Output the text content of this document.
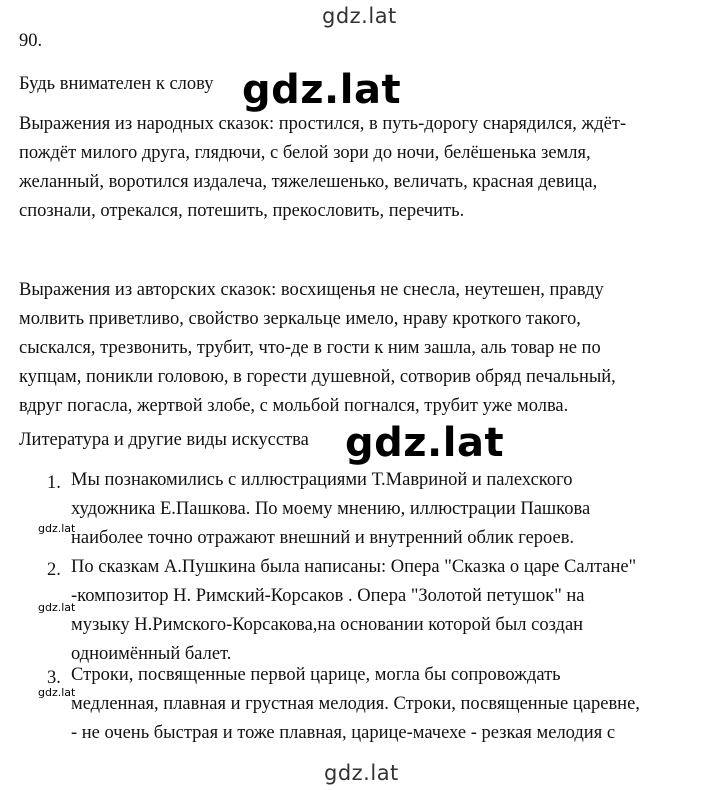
gdz.lat
90.
Будь внимателен к слову gdz.lat
Выражения из народных сказок: простился, в путь-дорогу снарядился, ждёт-
пождёт милого друга, глядючи, с белой зори до ночи, белёшенька земля,
желанный, воротился издалеча, тяжелешенько, величать, красная девица,
спознали, отрекался, потешить, прекословить, перечить.
Выражения из авторских сказок: восхищенья не снесла, неутешен, правду
молвить приветливо, свойство зеркальце имело, нраву кроткого такого,
сыскался, трезвонить, трубит, что-де в гости к ним зашла, аль товар не по
купцам, поникли головою, в горести душевной, сотворив обряд печальный,
вдруг погасла, жертвой злобе, с мольбой погнался, трубит уже молва.
Литература и другие виды искусства gdz.lat
1. Мы познакомились с иллюстрациями Т.Мавриной и палехского
художника Е.Пашкова. По моему мнению, иллюстрации Пашкова
наиболее точно отражают внешний и внутренний облик героев.
gdz.lat
2. По сказкам А.Пушкина была написаны: Опера "Сказка о царе Салтане"
-композитор Н. Римский-Корсаков . Опера "Золотой петушок" на
музыку Н.Римского-Корсакова,на основании которой был создан
одноимённый балет.
gdz.lat
3. Строки, посвященные первой царице, могла бы сопровождать
медленная, плавная и грустная мелодия. Строки, посвященные царевне,
- не очень быстрая и тоже плавная, царице-мачехе - резкая мелодия с
gdz.lat
gdz.lat
